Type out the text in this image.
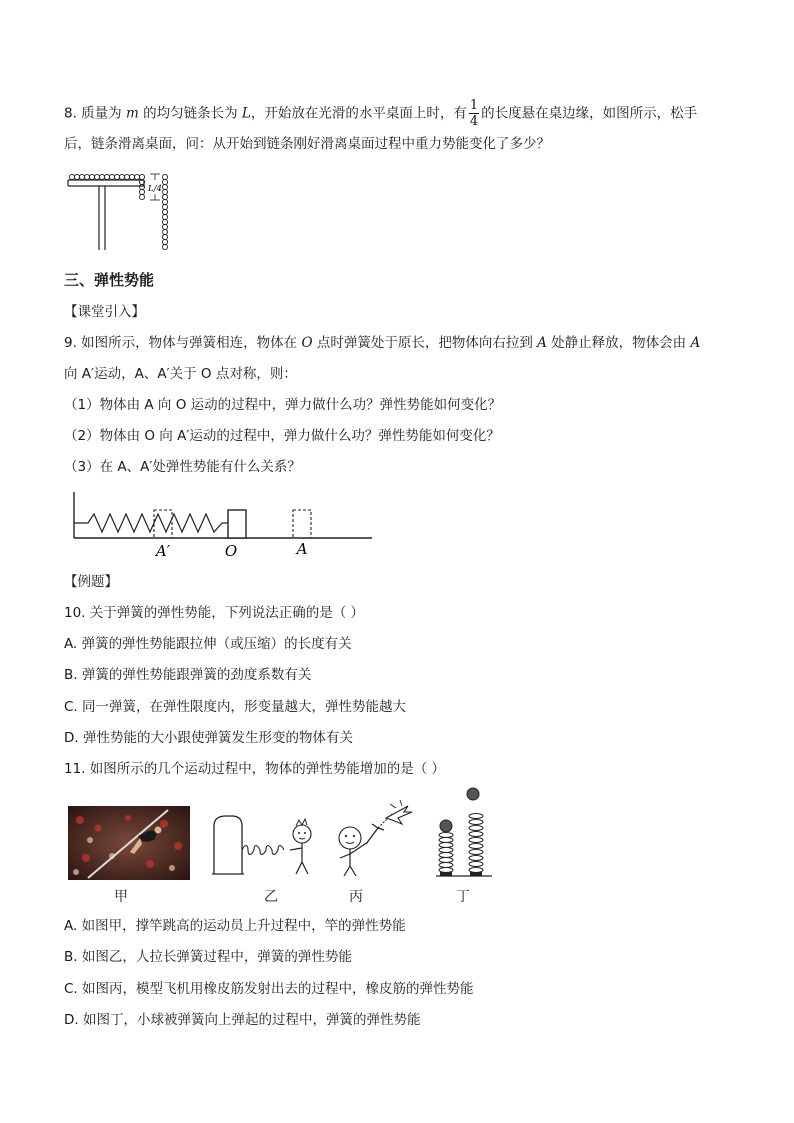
8. 质量为 m 的均匀链条长为 L，开始放在光滑的水平桌面上时，有 $\frac{1}{4}$ 的长度悬在桌边缘，如图所示，松手
后，链条滑离桌面，问：从开始到链条刚好滑离桌面过程中重力势能变化了多少？
L/4
三、弹性势能
【课堂引入】
9. 如图所示，物体与弹簧相连，物体在 O 点时弹簧处于原长，把物体向右拉到 A 处静止释放，物体会由 A
向 A′运动，A、A′关于 O 点对称，则：
（1）物体由 A 向 O 运动的过程中，弹力做什么功？弹性势能如何变化？
（2）物体由 O 向 A′运动的过程中，弹力做什么功？弹性势能如何变化？
（3）在 A、A′处弹性势能有什么关系？
A′	O	A
【例题】
10. 关于弹簧的弹性势能，下列说法正确的是（ ）
A. 弹簧的弹性势能跟拉伸（或压缩）的长度有关
B. 弹簧的弹性势能跟弹簧的劲度系数有关
C. 同一弹簧，在弹性限度内，形变量越大，弹性势能越大
D. 弹性势能的大小跟使弹簧发生形变的物体有关
11. 如图所示的几个运动过程中，物体的弹性势能增加的是（ ）
甲	乙	丙	丁
A. 如图甲，撑竿跳高的运动员上升过程中，竿的弹性势能
B. 如图乙，人拉长弹簧过程中，弹簧的弹性势能
C. 如图丙，模型飞机用橡皮筋发射出去的过程中，橡皮筋的弹性势能
D. 如图丁，小球被弹簧向上弹起的过程中，弹簧的弹性势能
